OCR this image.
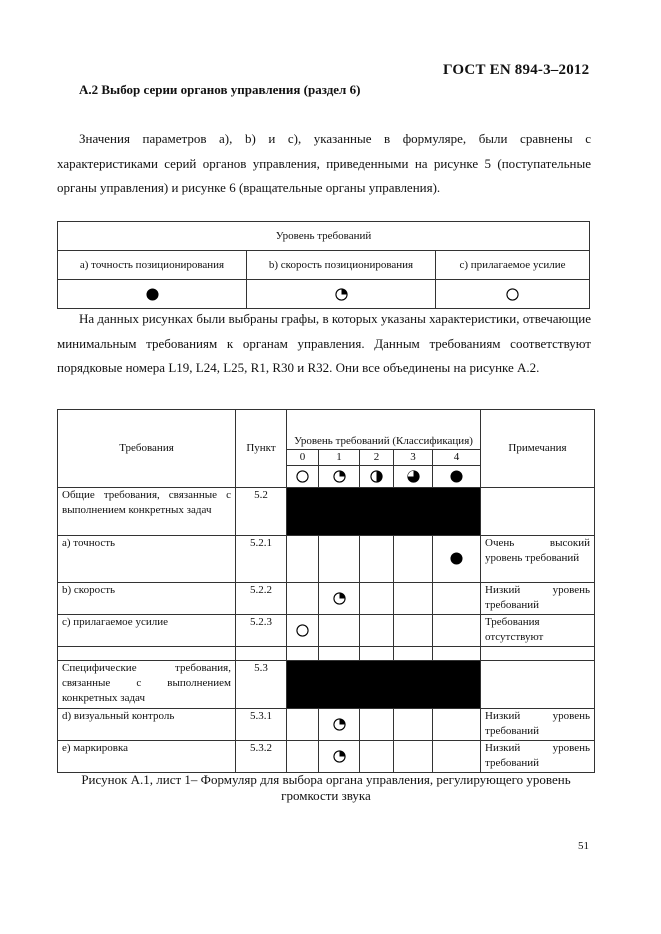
ГОСТ EN 894-3–2012
А.2 Выбор серии органов управления (раздел 6)
Значения параметров a), b) и c), указанные в формуляре, были сравнены с характеристиками серий органов управления, приведенными на рисунке 5 (поступательные органы управления) и рисунке 6 (вращательные органы управления).
Уровень требований		
а) точность позиционирования	b) скорость позиционирования	c) прилагаемое усилие

На данных рисунках были выбраны графы, в которых указаны характеристики, отвечающие минимальным требованиям к органам управления. Данным требованиям соответствуют порядковые номера L19, L24, L25, R1, R30 и R32. Они все объединены на рисунке А.2.
Требования	Пункт	Уровень требований (Классификация)					Примечания
		0	1	2	3	4	

Общие требования, связанные с выполнением конкретных задач	5.2						
а) точность	5.2.1						Очень высокий уровень требований
b) скорость	5.2.2						Низкий уровень требований
c) прилагаемое усилие	5.2.3						Требования отсутствуют

Специфические требования, связанные с выполнением конкретных задач	5.3						
d) визуальный контроль	5.3.1						Низкий уровень требований
e) маркировка	5.3.2						Низкий уровень требований
Рисунок А.1, лист 1– Формуляр для выбора органа управления, регулирующего уровень громкости звука
51
